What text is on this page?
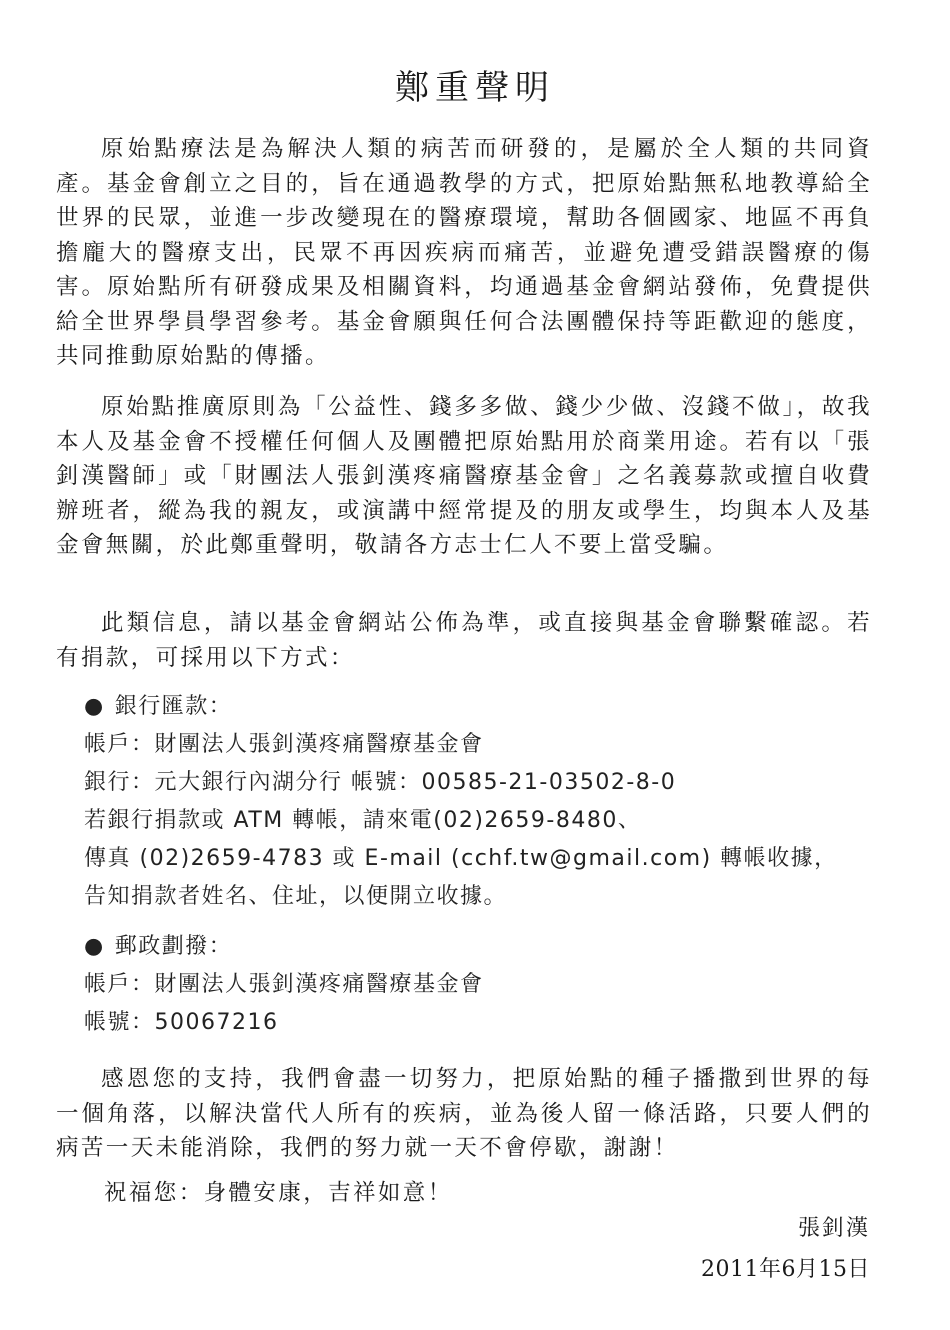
鄭重聲明

原始點療法是為解決人類的病苦而研發的，是屬於全人類的共同資產。基金會創立之目的，旨在通過教學的方式，把原始點無私地教導給全世界的民眾，並進一步改變現在的醫療環境，幫助各個國家、地區不再負擔龐大的醫療支出，民眾不再因疾病而痛苦，並避免遭受錯誤醫療的傷害。原始點所有研發成果及相關資料，均通過基金會網站發佈，免費提供給全世界學員學習參考。基金會願與任何合法團體保持等距歡迎的態度，共同推動原始點的傳播。

原始點推廣原則為「公益性、錢多多做、錢少少做、沒錢不做」，故我本人及基金會不授權任何個人及團體把原始點用於商業用途。若有以「張釗漢醫師」或「財團法人張釗漢疼痛醫療基金會」之名義募款或擅自收費辦班者，縱為我的親友，或演講中經常提及的朋友或學生，均與本人及基金會無關，於此鄭重聲明，敬請各方志士仁人不要上當受騙。

此類信息，請以基金會網站公佈為準，或直接與基金會聯繫確認。若有捐款，可採用以下方式：

● 銀行匯款：
帳戶：財團法人張釗漢疼痛醫療基金會
銀行：元大銀行內湖分行 帳號：00585-21-03502-8-0
若銀行捐款或 ATM 轉帳，請來電(02)2659-8480、
傳真 (02)2659-4783 或 E-mail (cchf.tw@gmail.com) 轉帳收據，
告知捐款者姓名、住址，以便開立收據。
● 郵政劃撥：
帳戶：財團法人張釗漢疼痛醫療基金會
帳號：50067216

感恩您的支持，我們會盡一切努力，把原始點的種子播撒到世界的每一個角落，以解決當代人所有的疾病，並為後人留一條活路，只要人們的病苦一天未能消除，我們的努力就一天不會停歇，謝謝！

祝福您：身體安康，吉祥如意！
張釗漢
2011年6月15日
